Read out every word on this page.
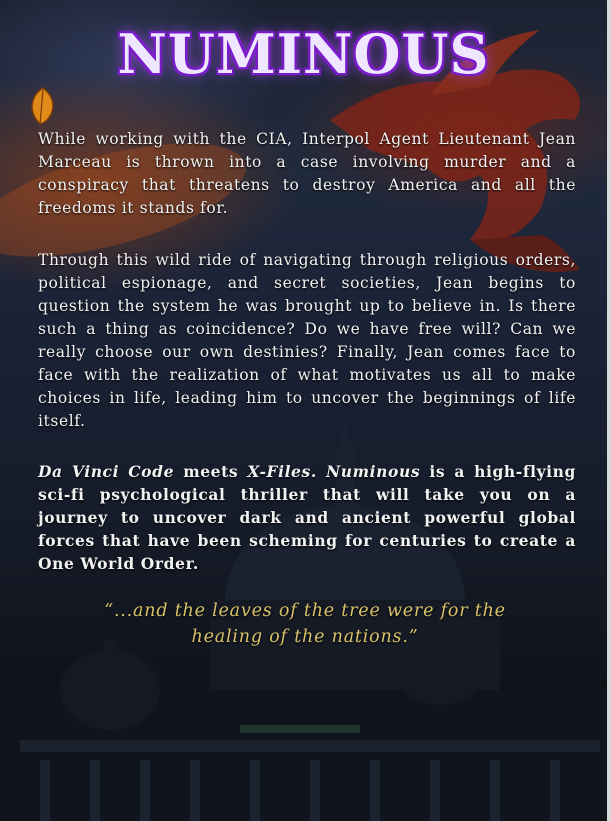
NUMINOUS
While working with the CIA, Interpol Agent Lieutenant Jean Marceau is thrown into a case involving murder and a conspiracy that threatens to destroy America and all the freedoms it stands for.
Through this wild ride of navigating through religious orders, political espionage, and secret societies, Jean begins to question the system he was brought up to believe in. Is there such a thing as coincidence? Do we have free will? Can we really choose our own destinies? Finally, Jean comes face to face with the realization of what motivates us all to make choices in life, leading him to uncover the beginnings of life itself.
Da Vinci Code meets X-Files. Numinous is a high-flying sci-fi psychological thriller that will take you on a journey to uncover dark and ancient powerful global forces that have been scheming for centuries to create a One World Order.
“...and the leaves of the tree were for the
healing of the nations.”
